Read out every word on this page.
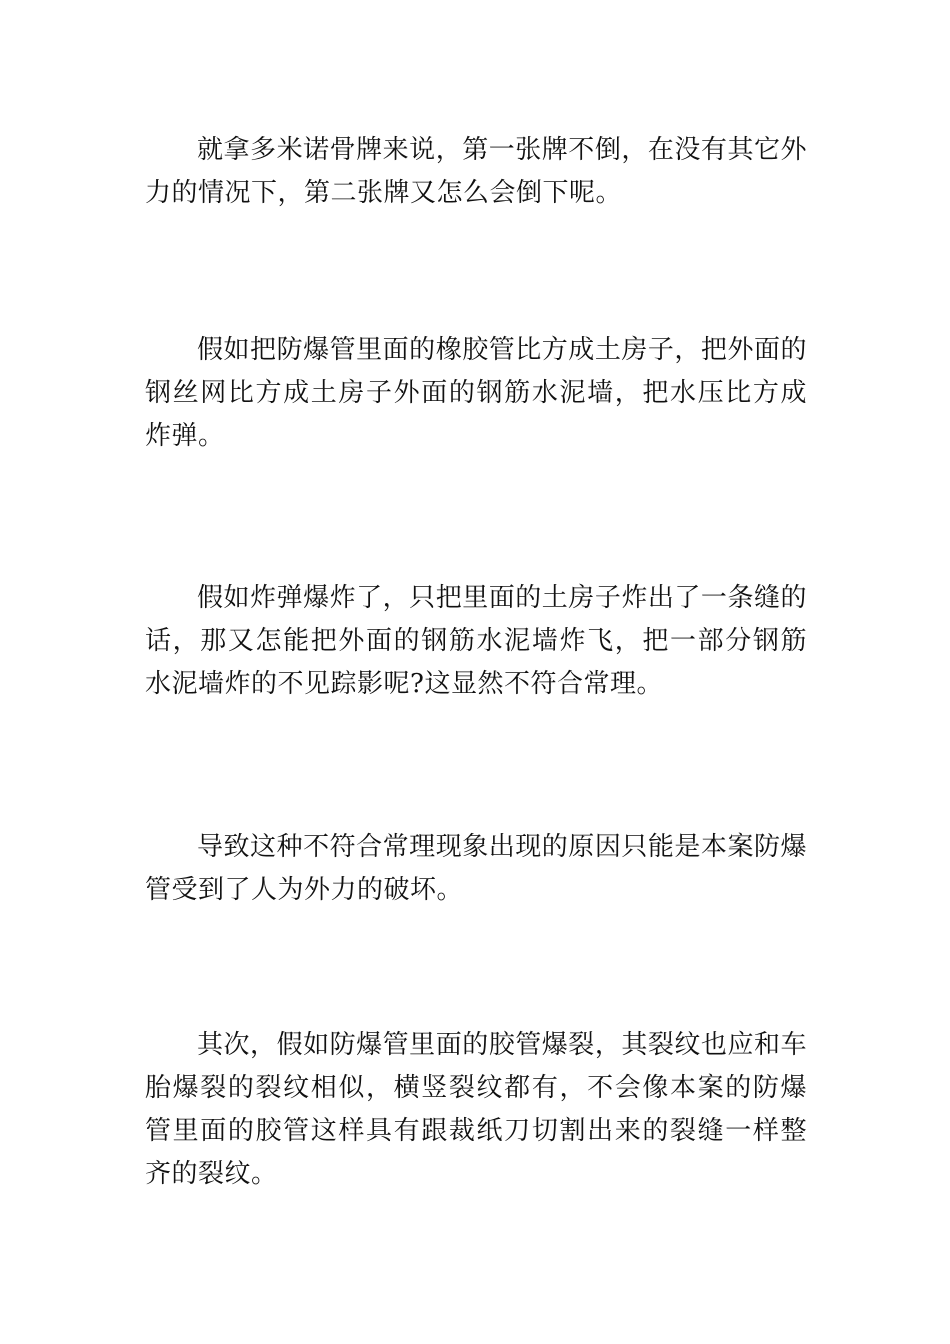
就拿多米诺骨牌来说，第一张牌不倒，在没有其它外力的情况下，第二张牌又怎么会倒下呢。

假如把防爆管里面的橡胶管比方成土房子，把外面的钢丝网比方成土房子外面的钢筋水泥墙，把水压比方成炸弹。

假如炸弹爆炸了，只把里面的土房子炸出了一条缝的话，那又怎能把外面的钢筋水泥墙炸飞，把一部分钢筋水泥墙炸的不见踪影呢?这显然不符合常理。

导致这种不符合常理现象出现的原因只能是本案防爆管受到了人为外力的破坏。

其次，假如防爆管里面的胶管爆裂，其裂纹也应和车胎爆裂的裂纹相似，横竖裂纹都有，不会像本案的防爆管里面的胶管这样具有跟裁纸刀切割出来的裂缝一样整齐的裂纹。
